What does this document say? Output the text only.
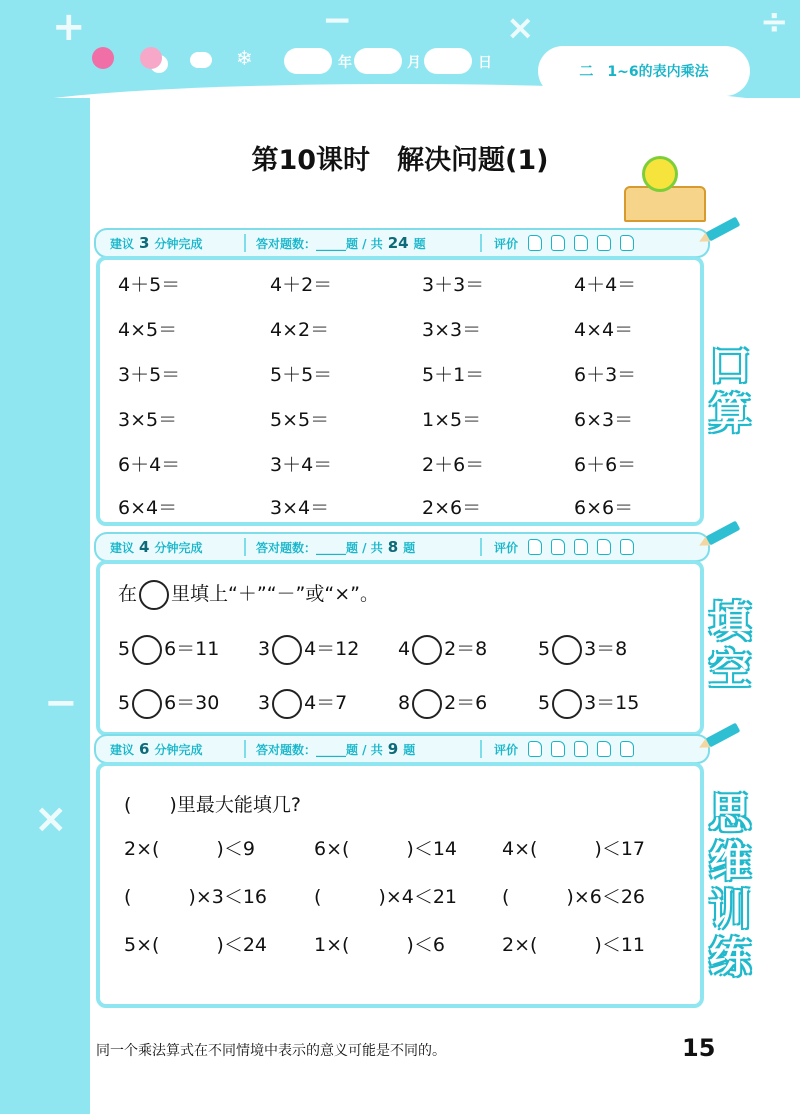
+	−	×	÷
❄	年	月	日
二　1~6的表内乘法
−
×
第10课时　解决问题(1)
建议 3 分钟完成	答对题数：_____题 / 共 24 题	评价
4＋5＝	4＋2＝	3＋3＝	4＋4＝
4×5＝	4×2＝	3×3＝	4×4＝
3＋5＝	5＋5＝	5＋1＝	6＋3＝
3×5＝	5×5＝	1×5＝	6×3＝
6＋4＝	3＋4＝	2＋6＝	6＋6＝
6×4＝	3×4＝	2×6＝	6×6＝
口
算
建议 4 分钟完成	答对题数：_____题 / 共 8 题	评价
在 里填上“＋”“－”或“×”。
5 6＝11 3 4＝12 4 2＝8	5 3＝8
5 6＝30 3 4＝7	8 2＝6	5 3＝15
填
空
建议 6 分钟完成	答对题数：_____题 / 共 9 题	评价
(　　)里最大能填几?
2×(　　　)＜9	6×(　　　)＜14 4×(　　　)＜17
(　　　)×3＜16 (　　　)×4＜21 (　　　)×6＜26
5×(　　　)＜24 1×(　　　)＜6	2×(　　　)＜11
思
维
训
练
同一个乘法算式在不同情境中表示的意义可能是不同的。	15
